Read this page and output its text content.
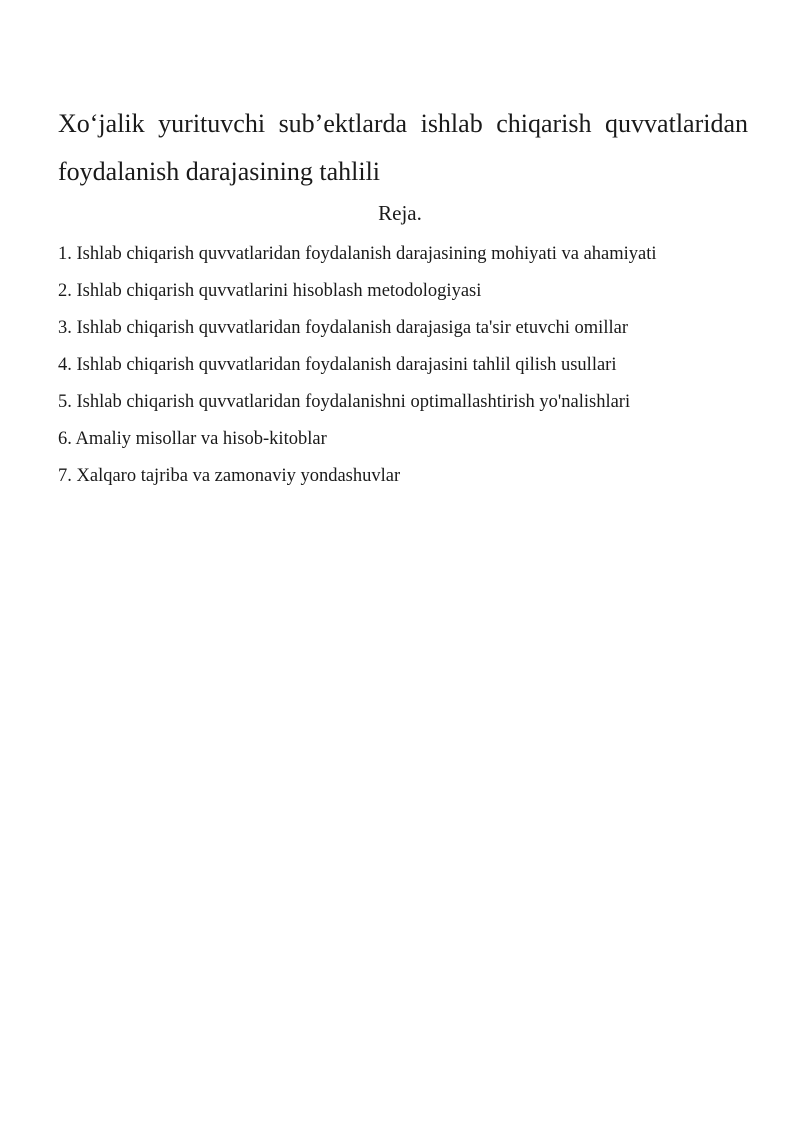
Xo‘jalik yurituvchi sub’ektlarda ishlab chiqarish quvvatlaridan foydalanish darajasining tahlili
Reja.
1. Ishlab chiqarish quvvatlaridan foydalanish darajasining mohiyati va ahamiyati
2. Ishlab chiqarish quvvatlarini hisoblash metodologiyasi
3. Ishlab chiqarish quvvatlaridan foydalanish darajasiga ta'sir etuvchi omillar
4. Ishlab chiqarish quvvatlaridan foydalanish darajasini tahlil qilish usullari
5. Ishlab chiqarish quvvatlaridan foydalanishni optimallashtirish yo'nalishlari
6. Amaliy misollar va hisob-kitoblar
7. Xalqaro tajriba va zamonaviy yondashuvlar
